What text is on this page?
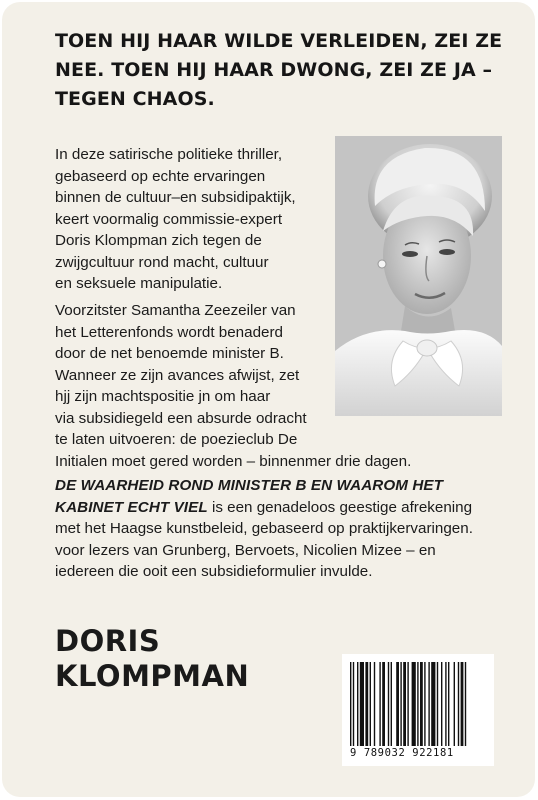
TOEN HIJ HAAR WILDE VERLEIDEN, ZEI ZE
NEE. TOEN HIJ HAAR DWONG, ZEI ZE JA –
TEGEN CHAOS.
In deze satirische politieke thriller,
gebaseerd op echte ervaringen
binnen de cultuur–en subsidipaktijk,
keert voormalig commissie-expert
Doris Klompman zich tegen de
zwijgcultuur rond macht, cultuur
en seksuele manipulatie.
Voorzitster Samantha Zeezeiler van
het Letterenfonds wordt benaderd
door de net benoemde minister B.
Wanneer ze zijn avances afwijst, zet
hjj zijn machtspositie jn om haar
via subsidiegeld een absurde odracht
te laten uitvoeren: de poezieclub De
Initialen moet gered worden – binnenmer drie dagen.
DE WAARHEID ROND MINISTER B EN WAAROM HET
KABINET ECHT VIEL is een genadeloos geestige afrekening
met het Haagse kunstbeleid, gebaseerd op praktijkervaringen.
voor lezers van Grunberg, Bervoets, Nicolien Mizee – en
iedereen die ooit een subsidieformulier invulde.
DORIS
KLOMPMAN
9 789032 922181
